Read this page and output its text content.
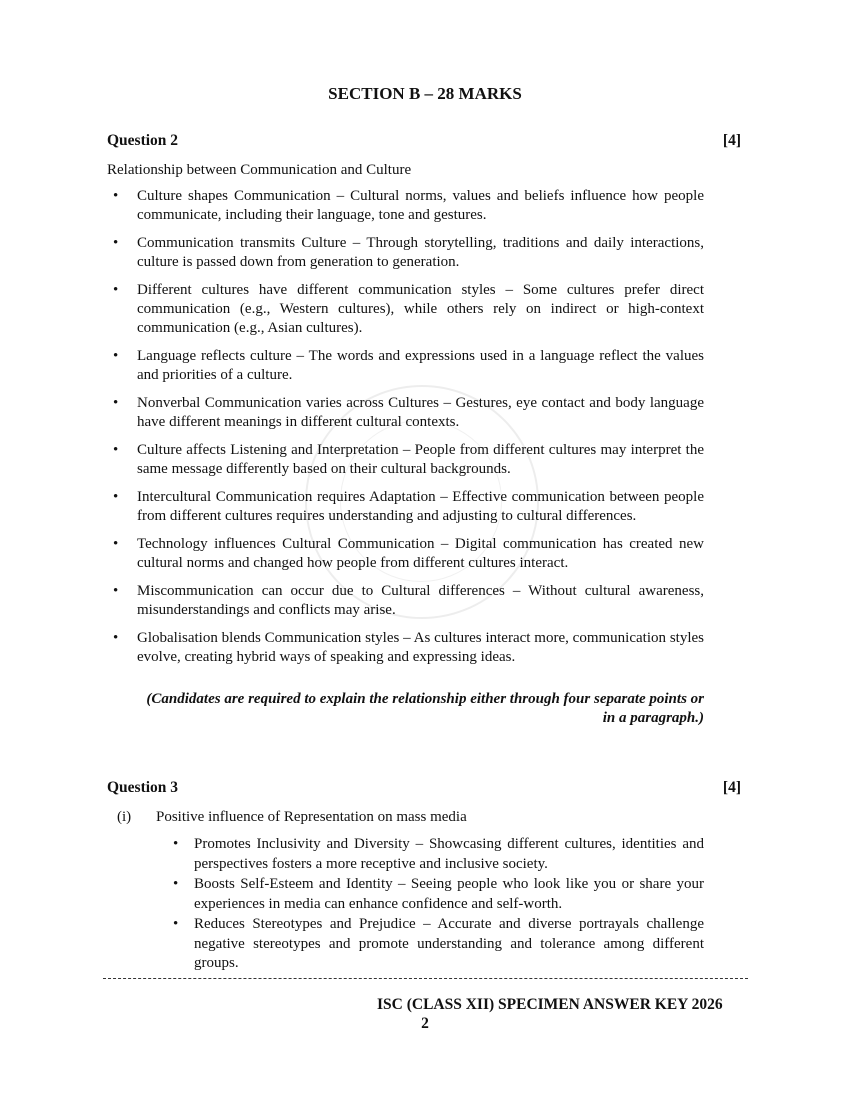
SECTION B – 28 MARKS
Question 2	[4]
Relationship between Communication and Culture
• Culture shapes Communication – Cultural norms, values and beliefs influence how people communicate, including their language, tone and gestures.
• Communication transmits Culture – Through storytelling, traditions and daily interactions, culture is passed down from generation to generation.
• Different cultures have different communication styles – Some cultures prefer direct communication (e.g., Western cultures), while others rely on indirect or high-context communication (e.g., Asian cultures).
• Language reflects culture – The words and expressions used in a language reflect the values and priorities of a culture.
• Nonverbal Communication varies across Cultures – Gestures, eye contact and body language have different meanings in different cultural contexts.
• Culture affects Listening and Interpretation – People from different cultures may interpret the same message differently based on their cultural backgrounds.
• Intercultural Communication requires Adaptation – Effective communication between people from different cultures requires understanding and adjusting to cultural differences.
• Technology influences Cultural Communication – Digital communication has created new cultural norms and changed how people from different cultures interact.
• Miscommunication can occur due to Cultural differences – Without cultural awareness, misunderstandings and conflicts may arise.
• Globalisation blends Communication styles – As cultures interact more, communication styles evolve, creating hybrid ways of speaking and expressing ideas.
(Candidates are required to explain the relationship either through four separate points or in a paragraph.)
Question 3	[4]
(i) Positive influence of Representation on mass media
• Promotes Inclusivity and Diversity – Showcasing different cultures, identities and perspectives fosters a more receptive and inclusive society.
• Boosts Self-Esteem and Identity – Seeing people who look like you or share your experiences in media can enhance confidence and self-worth.
• Reduces Stereotypes and Prejudice – Accurate and diverse portrayals challenge negative stereotypes and promote understanding and tolerance among different groups.
ISC (CLASS XII) SPECIMEN ANSWER KEY 2026
2
